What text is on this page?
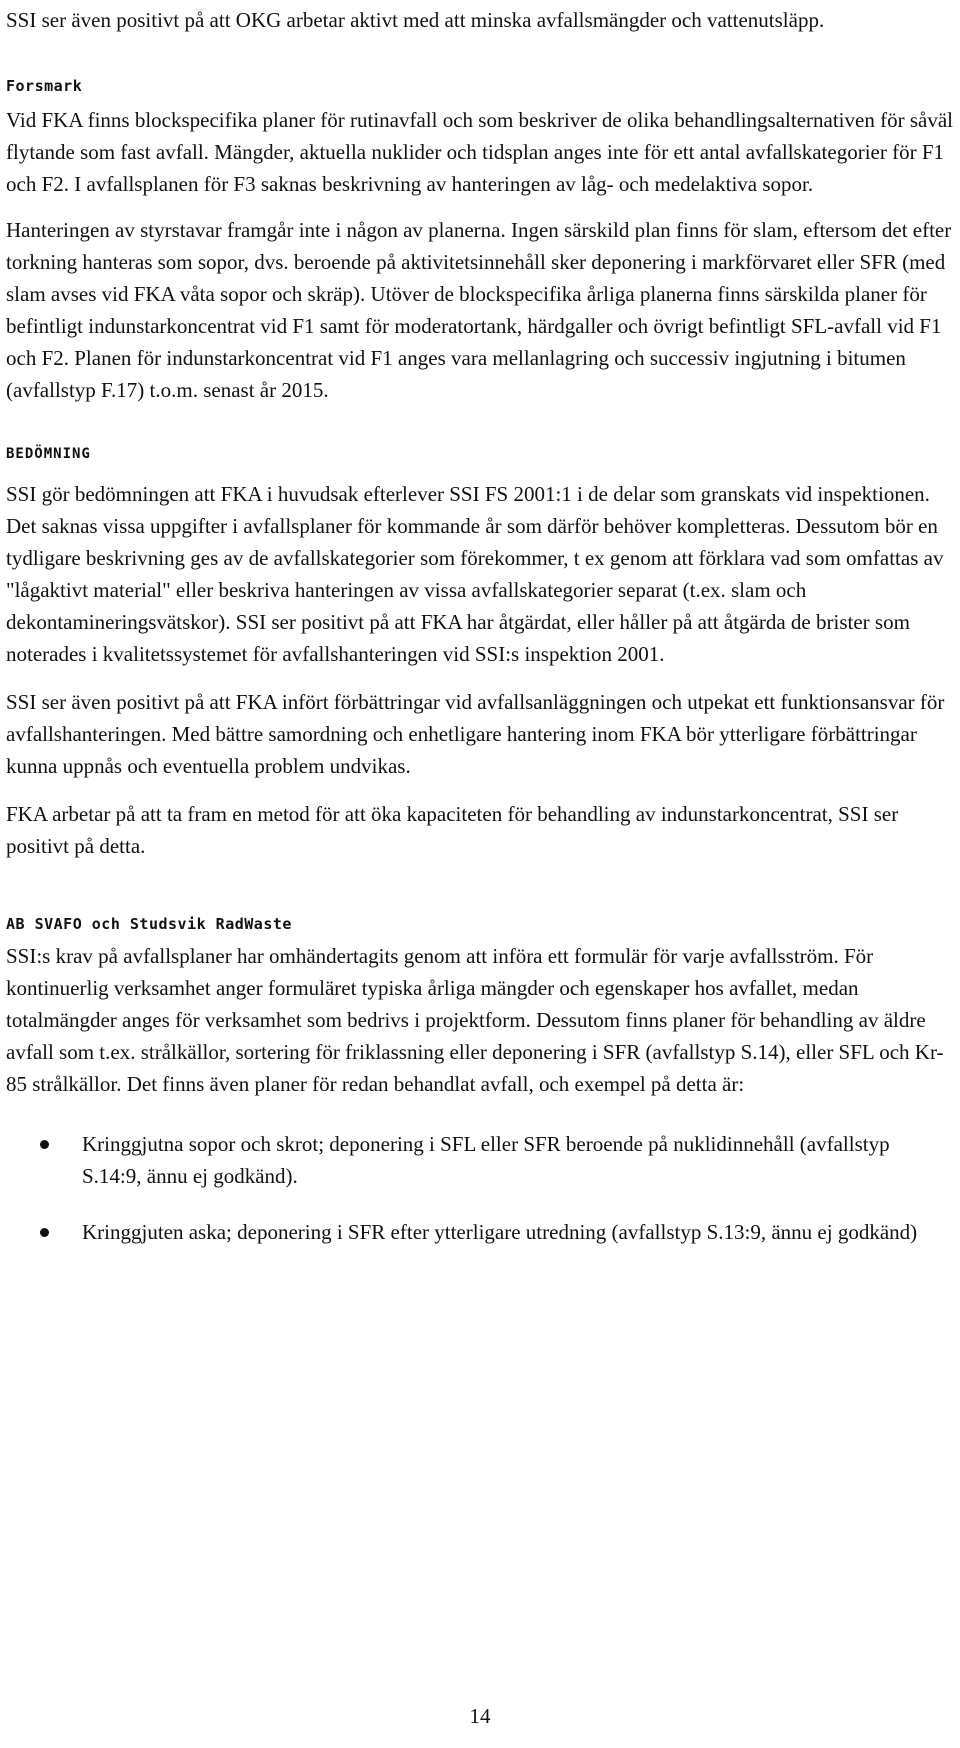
SSI ser även positivt på att OKG arbetar aktivt med att minska avfallsmängder och vattenutsläpp.

Forsmark

Vid FKA finns blockspecifika planer för rutinavfall och som beskriver de olika behandlingsalternativen för såväl flytande som fast avfall. Mängder, aktuella nuklider och tidsplan anges inte för ett antal avfallskategorier för F1 och F2. I avfallsplanen för F3 saknas beskrivning av hanteringen av låg- och medelaktiva sopor.

Hanteringen av styrstavar framgår inte i någon av planerna. Ingen särskild plan finns för slam, eftersom det efter torkning hanteras som sopor, dvs. beroende på aktivitetsinnehåll sker deponering i markförvaret eller SFR (med slam avses vid FKA våta sopor och skräp). Utöver de blockspecifika årliga planerna finns särskilda planer för befintligt indunstarkoncentrat vid F1 samt för moderatortank, härdgaller och övrigt befintligt SFL-avfall vid F1 och F2. Planen för indunstarkoncentrat vid F1 anges vara mellanlagring och successiv ingjutning i bitumen (avfallstyp F.17) t.o.m. senast år 2015.

BEDÖMNING

SSI gör bedömningen att FKA i huvudsak efterlever SSI FS 2001:1 i de delar som granskats vid inspektionen. Det saknas vissa uppgifter i avfallsplaner för kommande år som därför behöver kompletteras. Dessutom bör en tydligare beskrivning ges av de avfallskategorier som förekommer, t ex genom att förklara vad som omfattas av "lågaktivt material" eller beskriva hanteringen av vissa avfallskategorier separat (t.ex. slam och dekontamineringsvätskor). SSI ser positivt på att FKA har åtgärdat, eller håller på att åtgärda de brister som noterades i kvalitetssystemet för avfallshanteringen vid SSI:s inspektion 2001.

SSI ser även positivt på att FKA infört förbättringar vid avfallsanläggningen och utpekat ett funktionsansvar för avfallshanteringen. Med bättre samordning och enhetligare hantering inom FKA bör ytterligare förbättringar kunna uppnås och eventuella problem undvikas.

FKA arbetar på att ta fram en metod för att öka kapaciteten för behandling av indunstarkoncentrat, SSI ser positivt på detta.

AB SVAFO och Studsvik RadWaste

SSI:s krav på avfallsplaner har omhändertagits genom att införa ett formulär för varje avfallsström. För kontinuerlig verksamhet anger formuläret typiska årliga mängder och egenskaper hos avfallet, medan totalmängder anges för verksamhet som bedrivs i projektform. Dessutom finns planer för behandling av äldre avfall som t.ex. strålkällor, sortering för friklassning eller deponering i SFR (avfallstyp S.14), eller SFL och Kr-85 strålkällor. Det finns även planer för redan behandlat avfall, och exempel på detta är:

Kringgjutna sopor och skrot; deponering i SFL eller SFR beroende på nuklidinnehåll (avfallstyp S.14:9, ännu ej godkänd).
Kringgjuten aska; deponering i SFR efter ytterligare utredning (avfallstyp S.13:9, ännu ej godkänd)
14
